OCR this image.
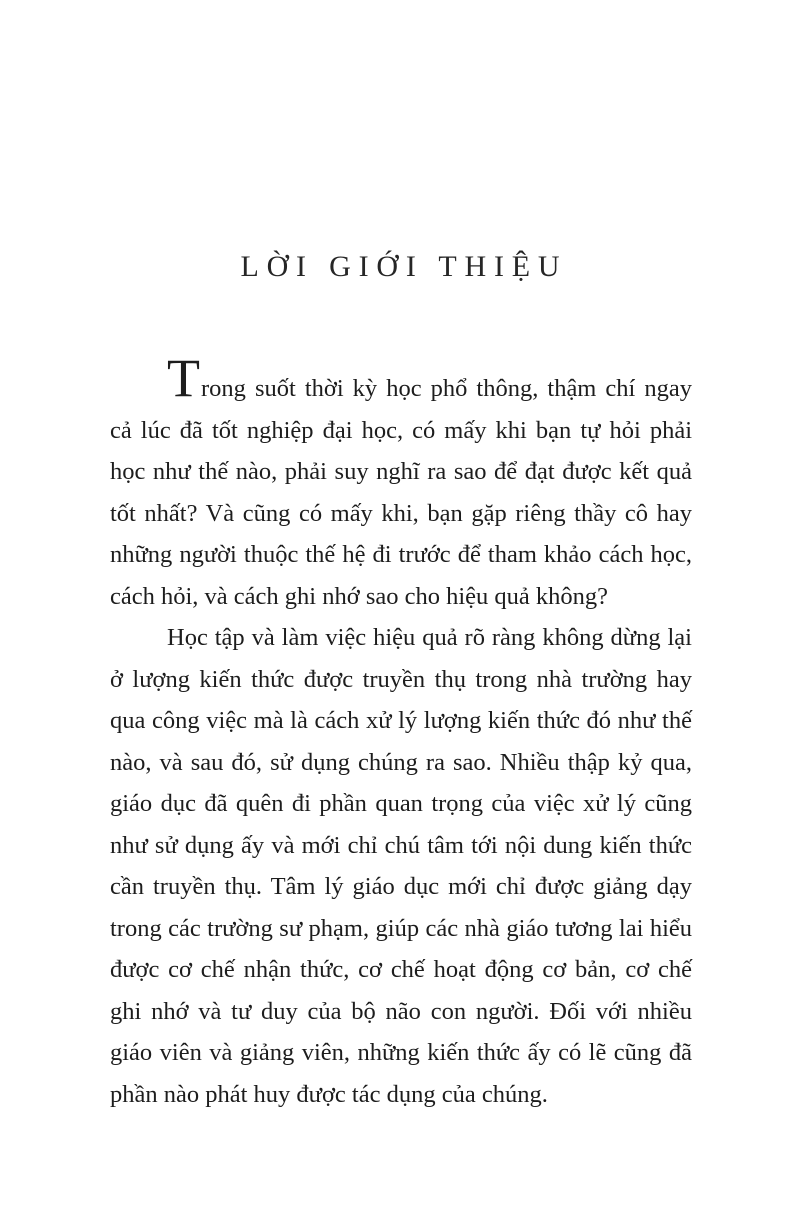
LỜI GIỚI THIỆU

Trong suốt thời kỳ học phổ thông, thậm chí ngay cả lúc đã tốt nghiệp đại học, có mấy khi bạn tự hỏi phải học như thế nào, phải suy nghĩ ra sao để đạt được kết quả tốt nhất? Và cũng có mấy khi, bạn gặp riêng thầy cô hay những người thuộc thế hệ đi trước để tham khảo cách học, cách hỏi, và cách ghi nhớ sao cho hiệu quả không?

Học tập và làm việc hiệu quả rõ ràng không dừng lại ở lượng kiến thức được truyền thụ trong nhà trường hay qua công việc mà là cách xử lý lượng kiến thức đó như thế nào, và sau đó, sử dụng chúng ra sao. Nhiều thập kỷ qua, giáo dục đã quên đi phần quan trọng của việc xử lý cũng như sử dụng ấy và mới chỉ chú tâm tới nội dung kiến thức cần truyền thụ. Tâm lý giáo dục mới chỉ được giảng dạy trong các trường sư phạm, giúp các nhà giáo tương lai hiểu được cơ chế nhận thức, cơ chế hoạt động cơ bản, cơ chế ghi nhớ và tư duy của bộ não con người. Đối với nhiều giáo viên và giảng viên, những kiến thức ấy có lẽ cũng đã phần nào phát huy được tác dụng của chúng.
